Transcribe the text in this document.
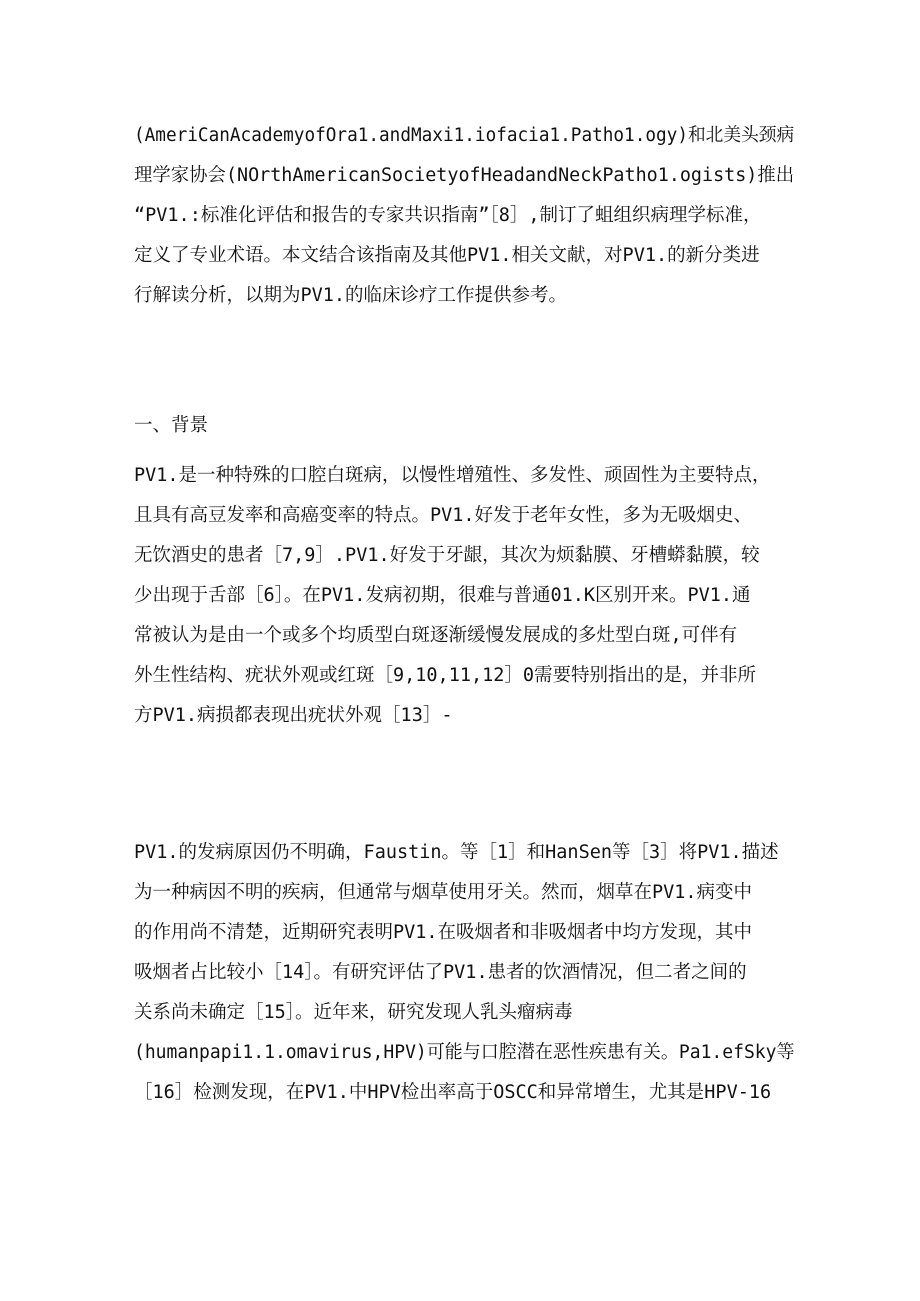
(AmeriCanAcademyofOra1.andMaxi1.iofacia1.Patho1.ogy)和北美头颈病
理学家协会(NOrthAmericanSocietyofHeadandNeckPatho1.ogists)推出
“PV1.:标准化评估和报告的专家共识指南”［8］,制订了蛆组织病理学标准，
定义了专业术语。本文结合该指南及其他PV1.相关文献，对PV1.的新分类进
行解读分析，以期为PV1.的临床诊疗工作提供参考。
一、背景
PV1.是一种特殊的口腔白斑病，以慢性增殖性、多发性、顽固性为主要特点，
且具有高豆发率和高癌变率的特点。PV1.好发于老年女性，多为无吸烟史、
无饮酒史的患者［7,9］.PV1.好发于牙龈，其次为烦黏膜、牙槽蟒黏膜，较
少出现于舌部［6］。在PV1.发病初期，很难与普通01.K区别开来。PV1.通
常被认为是由一个或多个均质型白斑逐渐缓慢发展成的多灶型白斑,可伴有
外生性结构、疣状外观或红斑［9,10,11,12］0需要特别指出的是，并非所
方PV1.病损都表现出疣状外观［13］-
PV1.的发病原因仍不明确，Faustin。等［1］和HanSen等［3］将PV1.描述
为一种病因不明的疾病，但通常与烟草使用牙关。然而，烟草在PV1.病变中
的作用尚不清楚，近期研究表明PV1.在吸烟者和非吸烟者中均方发现，其中
吸烟者占比较小［14］。有研究评估了PV1.患者的饮酒情况，但二者之间的
关系尚未确定［15］。近年来，研究发现人乳头瘤病毒
(humanpapi1.1.omavirus,HPV)可能与口腔潜在恶性疾患有关。Pa1.efSky等
［16］检测发现，在PV1.中HPV检出率高于OSCC和异常增生，尤其是HPV-16
